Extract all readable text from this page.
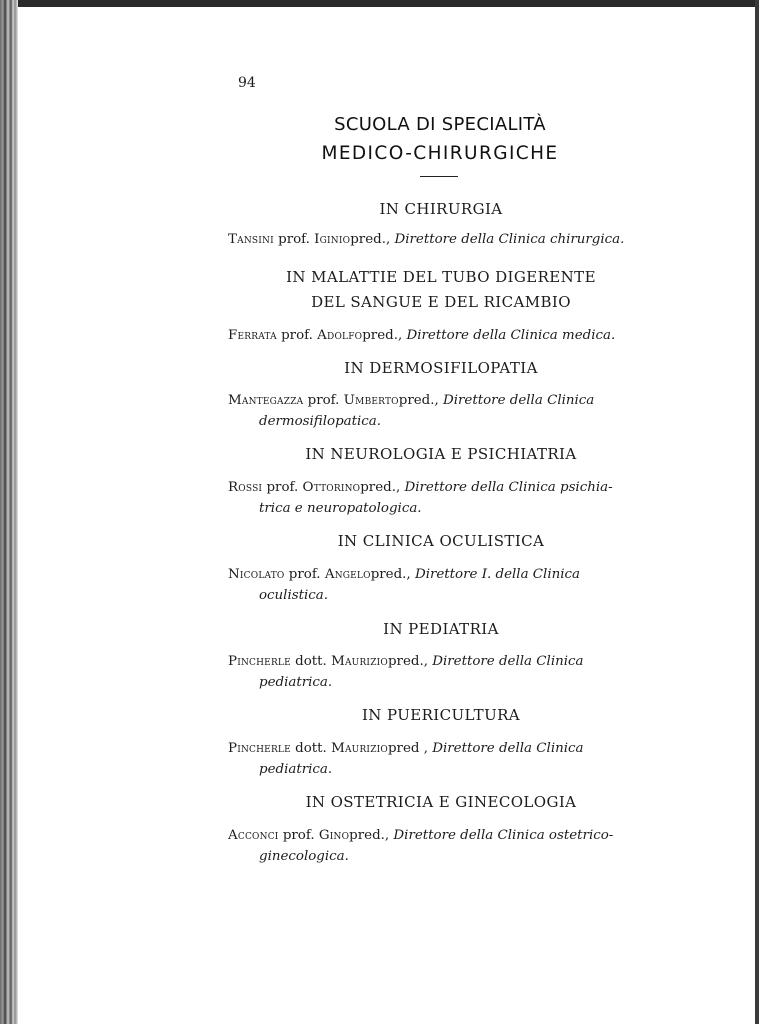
94
SCUOLA DI SPECIALITÀ
MEDICO-CHIRURGICHE
IN CHIRURGIA
Tansini prof. Iginiopred., Direttore della Clinica chirurgica.
IN MALATTIE DEL TUBO DIGERENTE
DEL SANGUE E DEL RICAMBIO
Ferrata prof. Adolfopred., Direttore della Clinica medica.
IN DERMOSIFILOPATIA
Mantegazza prof. Umbertopred., Direttore della Clinica
dermosifilopatica.
IN NEUROLOGIA E PSICHIATRIA
Rossi prof. Ottorinopred., Direttore della Clinica psichia-
trica e neuropatologica.
IN CLINICA OCULISTICA
Nicolato prof. Angelopred., Direttore I. della Clinica
oculistica.
IN PEDIATRIA
Pincherle dott. Mauriziopred., Direttore della Clinica
pediatrica.
IN PUERICULTURA
Pincherle dott. Mauriziopred , Direttore della Clinica
pediatrica.
IN OSTETRICIA E GINECOLOGIA
Acconci prof. Ginopred., Direttore della Clinica ostetrico-
ginecologica.
